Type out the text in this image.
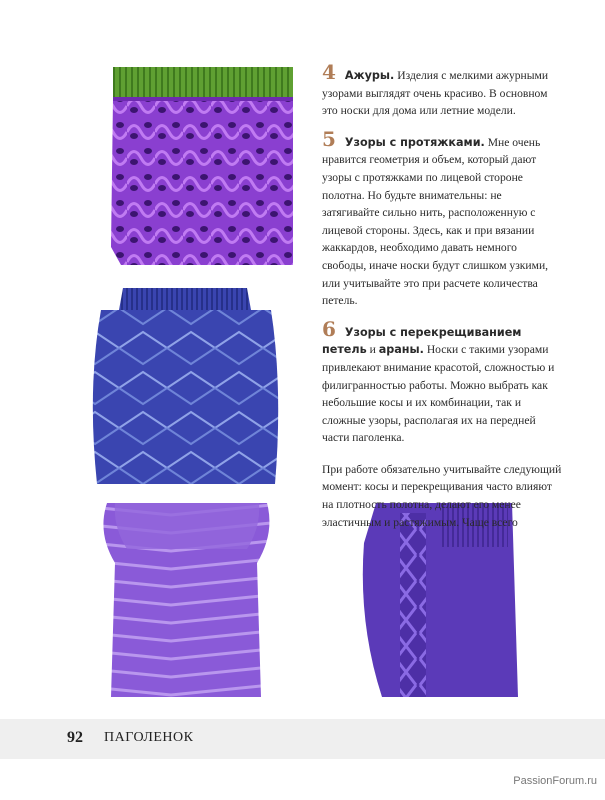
4 Ажуры. Изделия с мелкими ажурными узорами выглядят очень красиво. В основном это носки для дома или летние модели.

5 Узоры с протяжками. Мне очень нравится геометрия и объем, который дают узоры с протяжками по лицевой стороне полотна. Но будьте внимательны: не затягивайте сильно нить, расположенную с лицевой стороны. Здесь, как и при вязании жаккардов, необходимо давать немного свободы, иначе носки будут слишком узкими, или учитывайте это при расчете количества петель.

6 Узоры с перекрещиванием петель и араны. Носки с такими узорами привлекают внимание красотой, сложностью и филигранностью работы. Можно выбрать как небольшие косы и их комбинации, так и сложные узоры, располагая их на передней части паголенка.

При работе обязательно учитывайте следующий момент: косы и перекрещивания часто влияют на плотность полотна, делают его менее эластичным и растяжимым. Чаще всего

92 ПАГОЛЕНОК
PassionForum.ru
